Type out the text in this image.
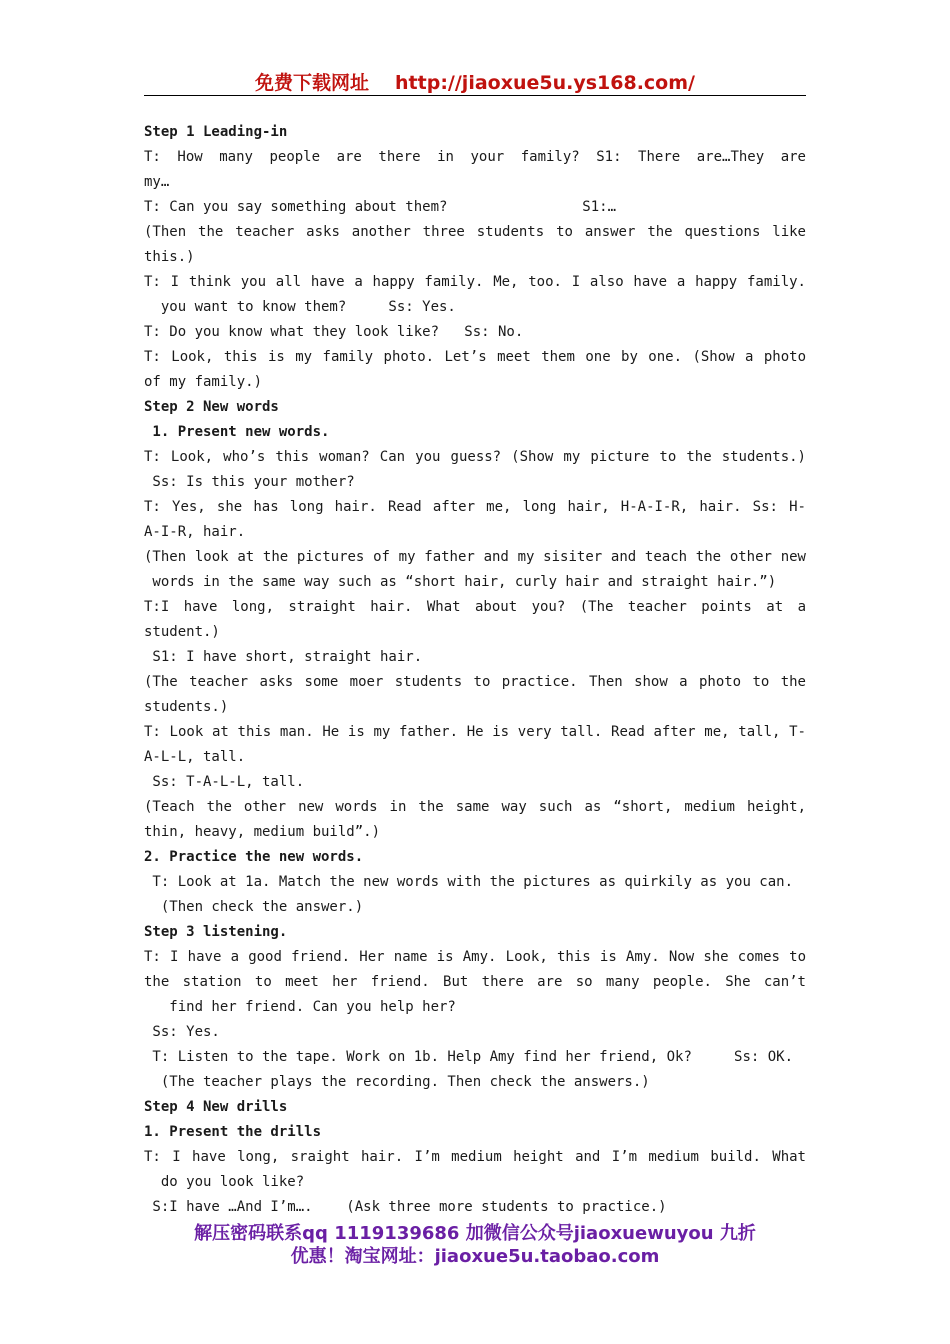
免费下载网址 http://jiaoxue5u.ys168.com/
Step 1 Leading-in
T: How many people are there in your family? S1: There are…They are
my…
T: Can you say something about them?                S1:…
(Then the teacher asks another three students to answer the questions like
this.)
T: I think you all have a happy family. Me, too. I also have a happy family.
you want to know them?     Ss: Yes.
T: Do you know what they look like?   Ss: No.
T: Look, this is my family photo. Let’s meet them one by one. (Show a photo
of my family.)
Step 2 New words
1. Present new words.
T: Look, who’s this woman? Can you guess? (Show my picture to the students.)
Ss: Is this your mother?
T: Yes, she has long hair. Read after me, long hair, H-A-I-R, hair. Ss: H-
A-I-R, hair.
(Then look at the pictures of my father and my sisiter and teach the other new
words in the same way such as “short hair, curly hair and straight hair.”)
T:I have long, straight hair. What about you? (The teacher points at a
student.)
S1: I have short, straight hair.
(The teacher asks some moer students to practice. Then show a photo to the
students.)
T: Look at this man. He is my father. He is very tall. Read after me, tall, T-
A-L-L, tall.
Ss: T-A-L-L, tall.
(Teach the other new words in the same way such as “short, medium height,
thin, heavy, medium build”.)
2. Practice the new words.
T: Look at 1a. Match the new words with the pictures as quirkily as you can.
(Then check the answer.)
Step 3 listening.
T: I have a good friend. Her name is Amy. Look, this is Amy. Now she comes to
the station to meet her friend. But there are so many people. She can’t
find her friend. Can you help her?
Ss: Yes.
T: Listen to the tape. Work on 1b. Help Amy find her friend, Ok?     Ss: OK.
(The teacher plays the recording. Then check the answers.)
Step 4 New drills
1. Present the drills
T: I have long, sraight hair. I’m medium height and I’m medium build. What
do you look like?
S:I have …And I’m….    (Ask three more students to practice.)
解压密码联系qq 1119139686 加微信公众号jiaoxuewuyou 九折
优惠！淘宝网址：jiaoxue5u.taobao.com
